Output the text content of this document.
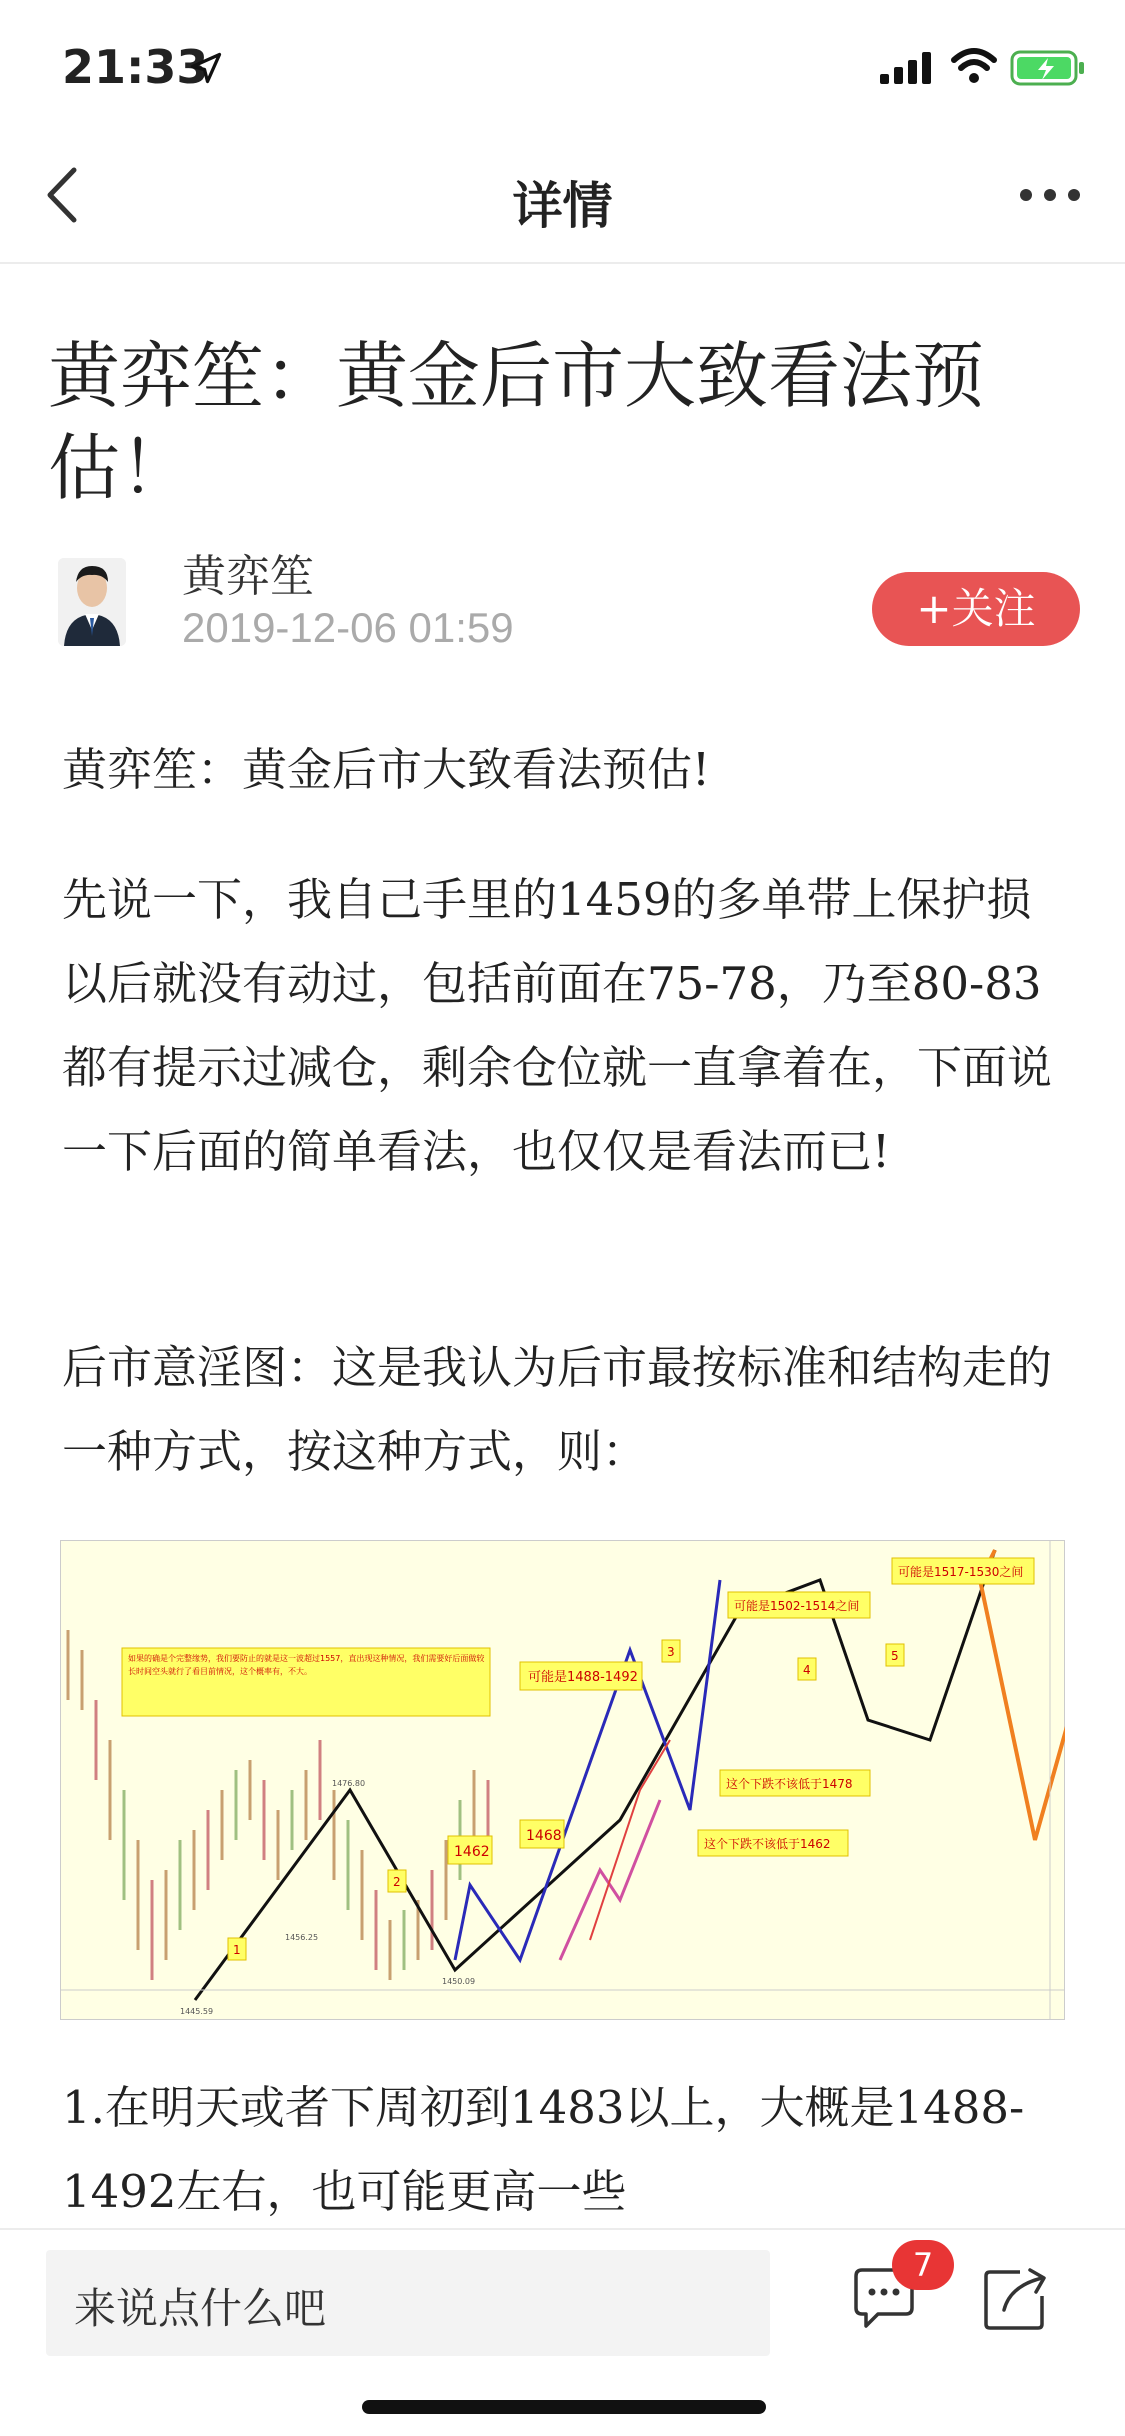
21:33
详情
黄弈笙：黄金后市大致看法预估！
黄弈笙
2019-12-06 01:59	+关注
黄弈笙：黄金后市大致看法预估!
先说一下，我自己手里的1459的多单带上保护损以后就没有动过，包括前面在75-78，乃至80-83都有提示过减仓，剩余仓位就一直拿着在，下面说一下后面的简单看法，也仅仅是看法而已!
后市意淫图：这是我认为后市最按标准和结构走的一种方式，按这种方式，则：
如果的确是个完整缘势，我们要防止的就是这一波超过1557，直出现这种情况，我们需要好后面做较长时间空头就行了看目前情况，这个概率有，不大。	可能是1488-1492
可能是1502-1514之间
可能是1517-1530之间
这个下跌不该低于1478
这个下跌不该低于1462
1462
1468
1
2
3
4
5
1445.59
1456.25
1476.80
1450.09
1.在明天或者下周初到1483以上，大概是1488-1492左右，也可能更高一些
来说点什么吧
7
